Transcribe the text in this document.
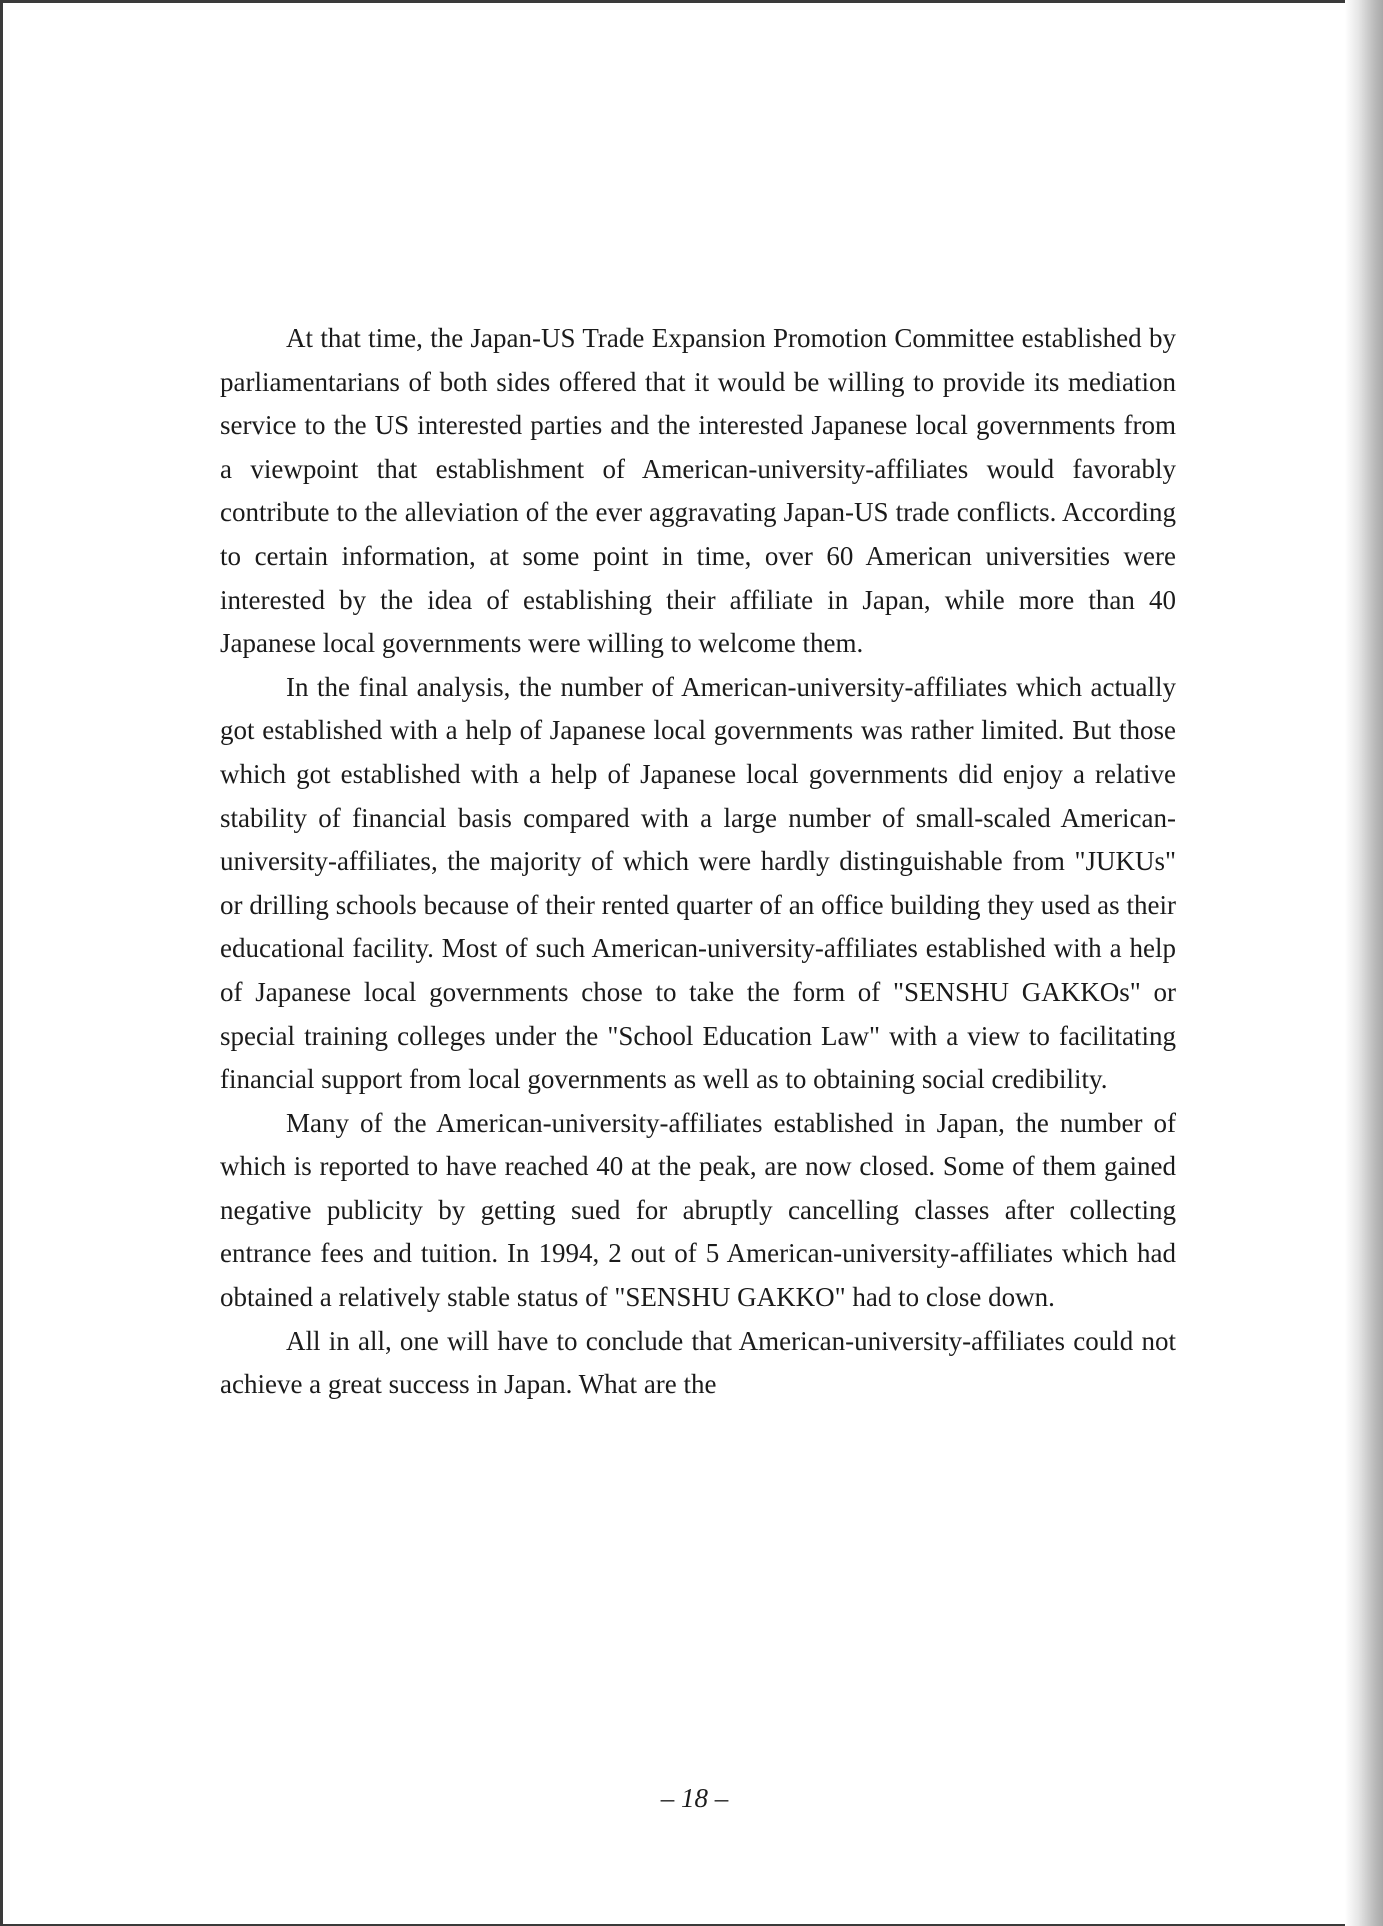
At that time, the Japan-US Trade Expansion Promotion Committee established by parliamentarians of both sides offered that it would be willing to provide its mediation service to the US interested parties and the interested Japanese local governments from a viewpoint that establishment of American-university-affiliates would favorably contribute to the alleviation of the ever aggravating Japan-US trade conflicts. According to certain information, at some point in time, over 60 American universities were interested by the idea of establishing their affiliate in Japan, while more than 40 Japanese local governments were willing to welcome them.

In the final analysis, the number of American-university-affiliates which actually got established with a help of Japanese local governments was rather limited. But those which got established with a help of Japanese local governments did enjoy a relative stability of financial basis compared with a large number of small-scaled American-university-affiliates, the majority of which were hardly distinguishable from "JUKUs" or drilling schools because of their rented quarter of an office building they used as their educational facility. Most of such American-university-affiliates established with a help of Japanese local governments chose to take the form of "SENSHU GAKKOs" or special training colleges under the "School Education Law" with a view to facilitating financial support from local governments as well as to obtaining social credibility.

Many of the American-university-affiliates established in Japan, the number of which is reported to have reached 40 at the peak, are now closed. Some of them gained negative publicity by getting sued for abruptly cancelling classes after collecting entrance fees and tuition. In 1994, 2 out of 5 American-university-affiliates which had obtained a relatively stable status of "SENSHU GAKKO" had to close down.

All in all, one will have to conclude that American-university-affiliates could not achieve a great success in Japan. What are the

– 18 –
